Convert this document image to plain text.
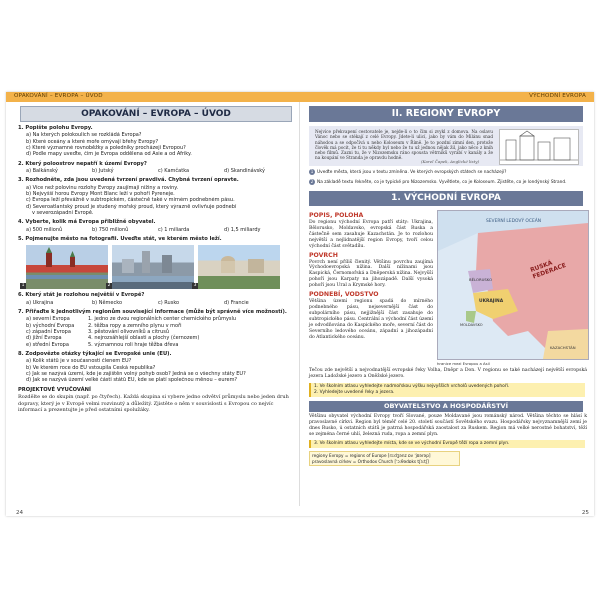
OPAKOVÁNÍ – EVROPA – ÚVOD	VÝCHODNÍ EVROPA
OPAKOVÁNÍ – EVROPA – ÚVOD
1. Popište polohu Evropy.
a) Na kterých polokoulích se rozkládá Evropa?
b) Které oceány a které moře omývají břehy Evropy?
c) Které významné rovnoběžky a poledníky procházejí Evropou?
d) Podle mapy uveďte, čím je Evropa oddělena od Asie a od Afriky.
2. Který poloostrov nepatří k území Evropy?
a) Balkánský	b) Jutský	c) Kamčatka	d) Skandinávský
3. Rozhodněte, zda jsou uvedená tvrzení pravdivá. Chybná tvrzení opravte.
a) Více než polovinu rozlohy Evropy zaujímají nížiny a roviny.
b) Nejvyšší horou Evropy Mont Blanc leží v pohoří Pyreneje.
c) Evropa leží převážně v subtropickém, částečně také v mírném podnebném pásu.
d) Severoatlantský proud je studený mořský proud, který výrazně ovlivňuje podnebí
v severozápadní Evropě.
4. Vyberte, kolik má Evropa přibližně obyvatel.
a) 500 milionů	b) 750 milionů	c) 1 miliarda	d) 1,5 miliardy
5. Pojmenujte město na fotografii. Uveďte stát, ve kterém město leží.
1	2	3
6. Který stát je rozlohou největší v Evropě?
a) Ukrajina	b) Německo	c) Rusko	d) Francie
7. Přiřaďte k jednotlivým regionům související informace (může být správně více možností).
a) severní Evropa	1. jedno ze dvou regionálních center chemického průmyslu
b) východní Evropa	2. těžba ropy a zemního plynu v moři
c) západní Evropa	3. pěstování olivovníků a citrusů
d) jižní Evropa	4. nejrozsáhlejší oblasti a plochy (černozem)
e) střední Evropa	5. významnou roli hraje těžba dřeva
8. Zodpovězte otázky týkající se Evropské unie (EU).
a) Kolik států je v současnosti členem EU?
b) Ve kterém roce do EU vstoupila Česká republika?
c) Jak se nazývá území, kde je zajištěn volný pohyb osob? Jedná se o všechny státy EU?
d) Jak se nazývá území velké části států EU, kde se platí společnou měnou – eurem?
PROJEKTOVÉ VYUČOVÁNÍ
Rozdělte se do skupin (např. po čtyřech). Každá skupina si vybere jedno odvětví průmyslu nebo jeden druh dopravy, který je v Evropě velmi rozvinutý a důležitý. Zjistěte o něm v souvislosti s Evropou co nejvíc informací a prezentujte je před ostatními spolužáky.
24
II. REGIONY EVROPY
Nejvíce překvapení cestovatele je, nejde-li o to čím si zvykl z domova. Na oslavu Vánoc nebo se stékají z celé Evropy. Jdete-li ulicí, jako by vám do Milánu snad náhodou a se odpočívá u nebo Koloseum v Římě. Je to pozdní zimní den, protože člověk má pocit, že ti tu někdy byl nebo že tu už jednou nějak žil, jako něco z knih nebo filmů. Zazni tu, že v Nizozemsku ráno spousta větrníků vyrábí v kanály a že na koupání ve Stranda je opravdu hodně.
(Karel Čapek, Anglické listy)
1 Uveďte města, která jsou v textu zmíněna. Ve kterých evropských státech se nacházejí?
2 Na základě textu řekněte, co je typické pro Nizozemsko. Vyvětlete, co je Koloseum. Zjistěte, co je londýnský Strand.
1. VÝCHODNÍ EVROPA
POPIS, POLOHA
Do regionu východní Evropa patří státy: Ukrajina, Bělorusko, Moldavsko, evropská část Ruska a částečně sem zasahuje Kazachstán. Je to rozlohou největší a nejlidnatější region Evropy, tvoří celou východní část světadílu.
POVRCH
Povrch není příliš členitý. Většinu povrchu zaujímá Východoevropská nížina. Další nížinami jsou Kaspická, Černomořská a Dněperská nížina. Nejvyšší pohoří jsou Karpaty na jihozápadě. Další vysoká pohoří jsou Ural a Krymské hory.
PODNEBÍ, VODSTVO
Většina území regionu spadá do mírného podnebného pásu, nejsevernější část do subpolárního pásu, nejjižnější část zasahuje do subtropického pásu. Centrální a východní část území je odvodňována do Kaspického moře, severní část do Severního ledového oceánu, západní a jihozápadní do Atlantického oceánu.
SEVERNÍ LEDOVÝ OCEÁN
RUSKÁ FEDERACE
UKRAJINA
BĚLORUSKO
MOLDAVSKO
KAZACHSTÁN
hranice mezi Evropou a Asií
Tečou zde největší a nejvodnatější evropské řeky Volha, Dněpr a Don. V regionu se také nacházejí největší evropská jezera Ladožské jezero a Oněžské jezero.
1. Ve školním atlasu vyhledejte nadmořskou výšku nejvyšších vrcholů uvedených pohoří.
2. Vyhledejte uvedené řeky a jezera.
OBYVATELSTVO A HOSPODÁŘSTVÍ
Většinu obyvatel východní Evropy tvoří Slované, pouze Moldavané jsou románský národ. Většina těchto se hlásí k pravoslavné církvi. Region byl téměř celé 20. století součástí Sovětského svazu. Hospodářsky nejvyznamnější zemí je dnes Rusko, ú ostatních států je patrná hospodářská zaostalost za Ruskem. Region má velké nerostné bohatství, těží se zejména černé uhlí, železná ruda, ropa a zemní plyn.
3. Ve školním atlasu vyhledejte místa, kde se ve východní Evropě těží ropa a zemní plyn.
regiony Evropy = regions of Europe [rɪːdʒənz ɒv ˈjʊərəp] pravoslavná církev = Orthodox Church [ˈɔːθədɒks tʃɜːtʃ]
25
